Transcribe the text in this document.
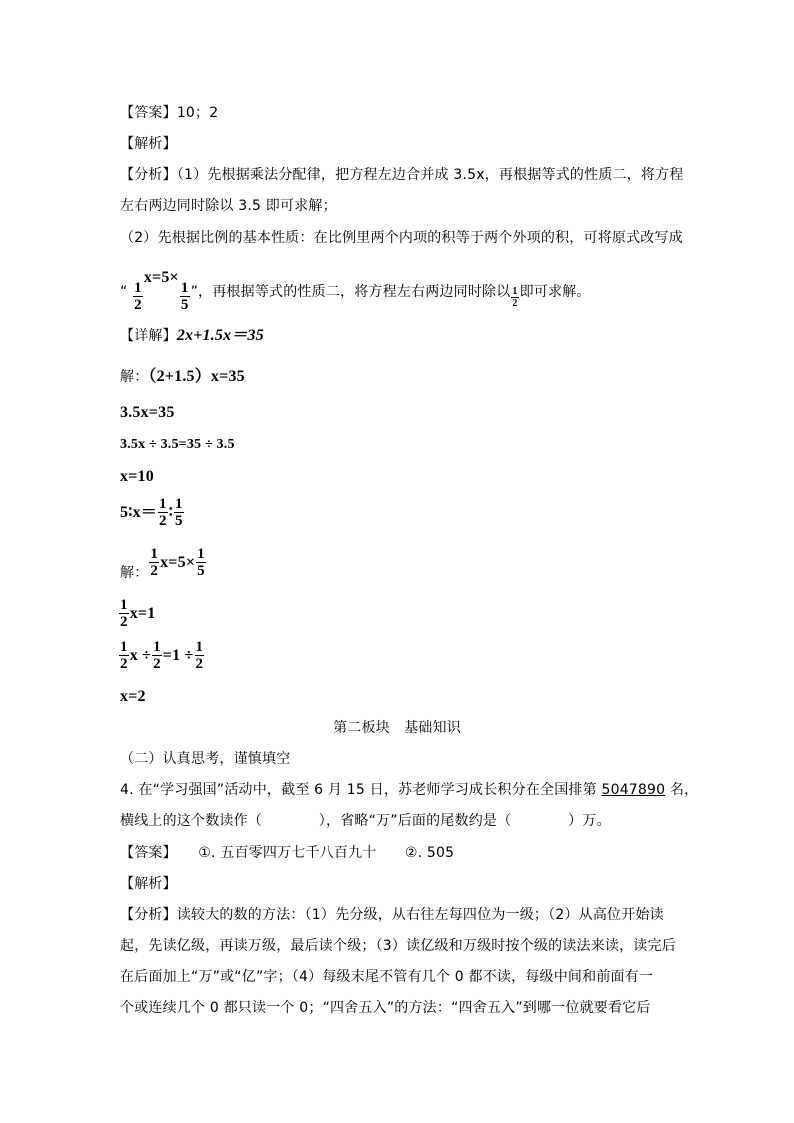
【答案】10；2
【解析】
【分析】（1）先根据乘法分配律，把方程左边合并成 3.5x，再根据等式的性质二，将方程
左右两边同时除以 3.5 即可求解；
（2）先根据比例的基本性质：在比例里两个内项的积等于两个外项的积，可将原式改写成
“ $\frac{1}{2}$
x=5×
$\frac{1}{5}$ ”，再根据等式的性质二，将方程左右两边同时除以 $\frac{1}{2}$ 即可求解。
【详解】2x+1.5x＝35
解：（2+1.5）x=35
3.5x=35
3.5x ÷ 3.5=35 ÷ 3.5
x=10
5∶x＝ $\frac{1}{2}$ ∶ $\frac{1}{5}$
解： $\frac{1}{2} x=5\times \frac{1}{5}$
$\frac{1}{2} x=1$
$\frac{1}{2}$ $x \div \frac{1}{2} =1 \div \frac{1}{2}$
x=2
第二板块　基础知识
（二）认真思考，谨慎填空
4. 在“学习强国”活动中，截至 6 月 15 日，苏老师学习成长积分在全国排第 5047890 名，
横线上的这个数读作（　　　　），省略“万”后面的尾数约是（　　　　）万。
【答案】　　①. 五百零四万七千八百九十　　②. 505
【解析】
【分析】读较大的数的方法：（1）先分级，从右往左每四位为一级；（2）从高位开始读
起，先读亿级，再读万级，最后读个级；（3）读亿级和万级时按个级的读法来读，读完后
在后面加上“万”或“亿”字；（4）每级末尾不管有几个 0 都不读，每级中间和前面有一
个或连续几个 0 都只读一个 0；“四舍五入”的方法：“四舍五入”到哪一位就要看它后
